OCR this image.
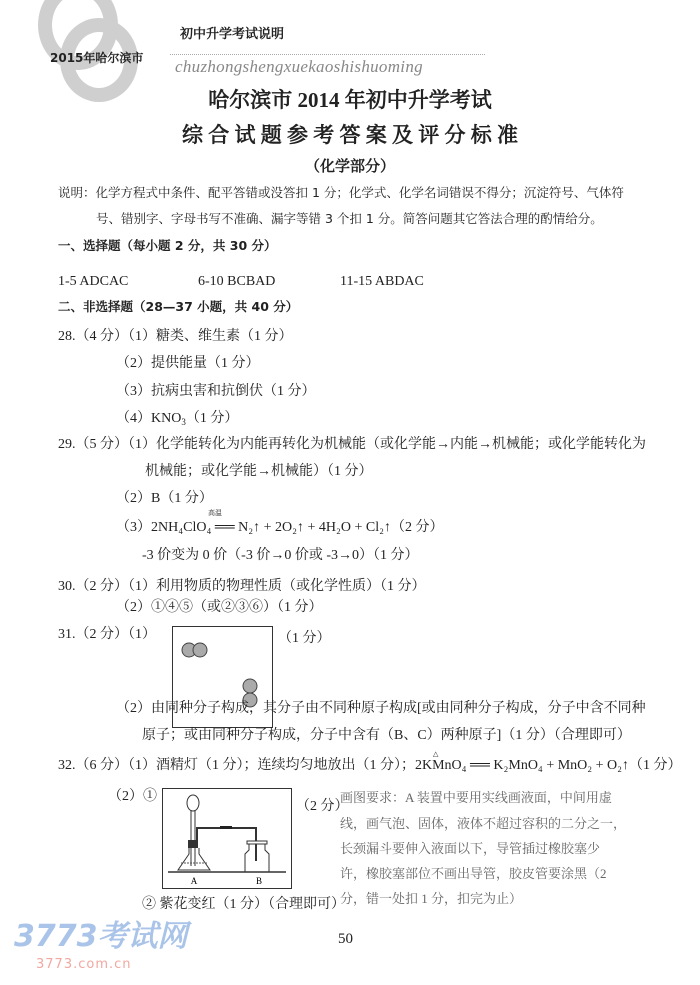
初中升学考试说明
2015年哈尔滨市 chuzhongshengxuekaoshishuoming
哈尔滨市 2014 年初中升学考试
综 合 试 题 参 考 答 案 及 评 分 标 准
（化学部分）
说明：化学方程式中条件、配平答错或没答扣 1 分；化学式、化学名词错误不得分；沉淀符号、气体符
号、错别字、字母书写不准确、漏字等错 3 个扣 1 分。简答问题其它答法合理的酌情给分。
一、选择题（每小题 2 分，共 30 分）
1-5 ADCAC	6-10 BCBAD	11-15 ABDAC
二、非选择题（28—37 小题，共 40 分）
28.（4 分）（1）糖类、维生素（1 分）
（2）提供能量（1 分）
（3）抗病虫害和抗倒伏（1 分）
$(4)KNO_3(1$ 分）
29.（5 分）（1）化学能转化为内能再转化为机械能（或化学能→内能→机械能；或化学能转化为
机械能；或化学能→机械能）（1 分）
（2）B（1 分）
（3）2NH₄ClO₄ ══ N₂↑ + 2O₂↑ + 4H₂O + Cl₂↑（2 分）
高温
-3 价变为 0 价（-3 价→0 价或 -3→0）（1 分）
30.（2 分）（1）利用物质的物理性质（或化学性质）（1 分）
（2）①④⑤（或②③⑥）（1 分）
31.（2 分）（1）	（1 分）
（2）由同种分子构成，其分子由不同种原子构成[或由同种分子构成，分子中含不同种
原子；或由同种分子构成，分子中含有（B、C）两种原子]（1 分）（合理即可）
32.（6 分）（1）酒精灯（1 分）；连续均匀地放出（1 分）；2KMnO₄ ══ K₂MnO₄ + MnO₂ + O₂↑（1 分）
△
（2）①
A	B
（2 分）
画图要求：A 装置中要用实线画液面，中间用虚
线，画气泡、固体，液体不超过容积的二分之一，
长颈漏斗要伸入液面以下，导管插过橡胶塞少
许，橡胶塞部位不画出导管，胶皮管要涂黑（2
分，错一处扣 1 分，扣完为止）
② 紫花变红（1 分）（合理即可）
50
3773考试网
3773.com.cn
